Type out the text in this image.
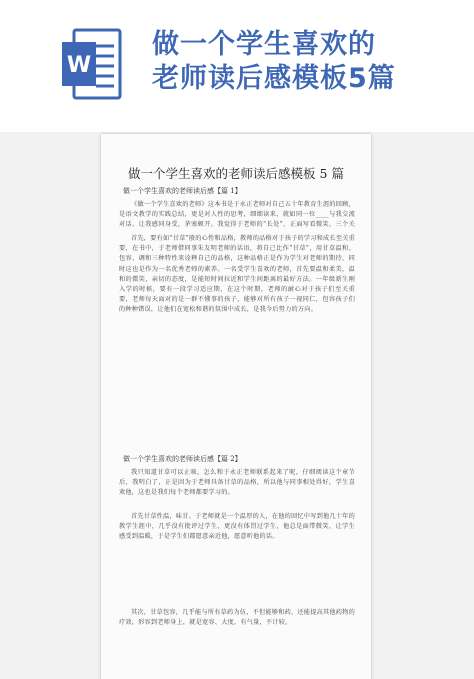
W
做一个学生喜欢的
老师读后感模板5篇
做一个学生喜欢的老师读后感模板 5 篇
做一个学生喜欢的老师读后感【篇 1】
《做一个学生喜欢的老师》这本书是于永正老师对自己五十年教育生涯的回顾，是语文教学的实践总结，更是对人性的思考，细细读来，就如同一位____与我交流对话，让我感同身受，茅塞顿开。我觉得于老师的“长处”，正面写看微笑，三个关
首先，要有如“甘草”般的心性和品格，教师的品格对于孩子的学习和成长至关重要，在书中，于老师借同事朱友明老师的话语，将自己比作“甘草”，用甘草温和、包容、调和三种特性来诠释自己的品格，这种品格正是作为学生对老师的期待，同时这也是作为一名优秀老师的素养。一名受学生喜欢的老师，首先要温和柔美，温和的微笑，亲切的态度，是能短时间拉近和学生间距离的最好方法。一年级新生刚入学的时候，要有一段学习适应期，在这个时期，老师的耐心对于孩子们至关重要，老师每天面对的是一群不懂事的孩子，能够对所有孩子一视同仁，包容孩子们的种种错误，让他们在宽松和谐的氛围中成长，是我今后努力的方向。
做一个学生喜欢的老师读后感【篇 2】
我只知道甘草可以止咳，怎么和于永正老师联系起来了呢，仔细阅读这个章节后，我明白了，正是因为于老师具备甘草的品格，所以他与同事相处得好，学生喜欢他，这也是我们每个老师都要学习的。
首先甘草性温，味甘。于老师就是一个温厚的人，在他的回忆中写到他几十年的教学生涯中，几乎没有批评过学生，更没有体罚过学生，他总是面带微笑，让学生感受到温暖，于是学生们都愿意亲近他，愿意听他的话。
其次，甘草包容，几乎能与所有草药为伍，不但能够和药，还能提高其他药物的疗效，形容到老师身上，就是宽容、大度，有气量，不计较。
